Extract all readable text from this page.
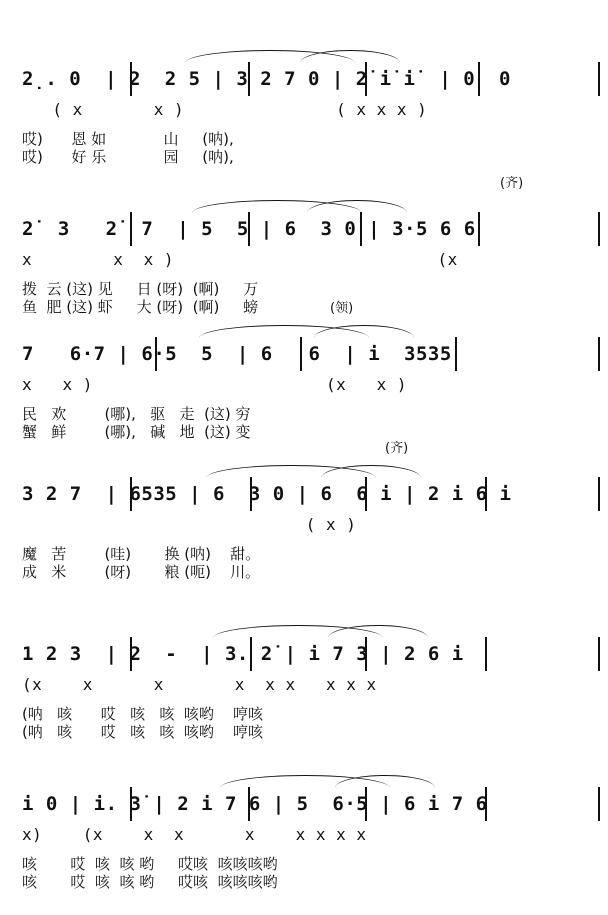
2̣. 0  | 2  2 5 | 3 2 7 0 | 2̇ i̇ i̇  | 0  0
( x       x )               ( x x x )
哎)      恩 如            山     (呐),
哎)      好 乐            园     (呐),
2̇  3   2̇  7  | 5  5 | 6  3 0 | 3·5 6 6
x        x  x )                          (x
拨  云 (这) 见     日 (呀)  (啊)     万
鱼  肥 (这) 虾     大 (呀)  (啊)     螃
(齐)
7   6·7 | 6·5  5  | 6   6  | i  3535
x   x )                       (x   x )
民   欢        (哪),   驱   走  (这) 穷
蟹   鲜        (哪),   碱   地  (这) 变
(领)
3 2 7  | 6535 | 6  3 0 | 6  6 i | 2 i 6 i
( x )
魔   苦        (哇)       换 (呐)    甜。
成   米        (呀)       粮 (呃)    川。
(齐)
1 2 3  | 2  -  | 3. 2̇ | i 7 3 | 2 6 i
(x    x      x       x  x x   x x x
(呐   咳      哎   咳   咳  咳哟    哼咳
(呐   咳      哎   咳   咳  咳哟    哼咳
i 0 | i. 3̇ | 2 i 7 6 | 5  6·5 | 6 i 7 6
x)    (x    x  x      x    x x x x
咳       哎  咳  咳 哟     哎咳  咳咳咳哟
咳       哎  咳  咳 哟     哎咳  咳咳咳哟
